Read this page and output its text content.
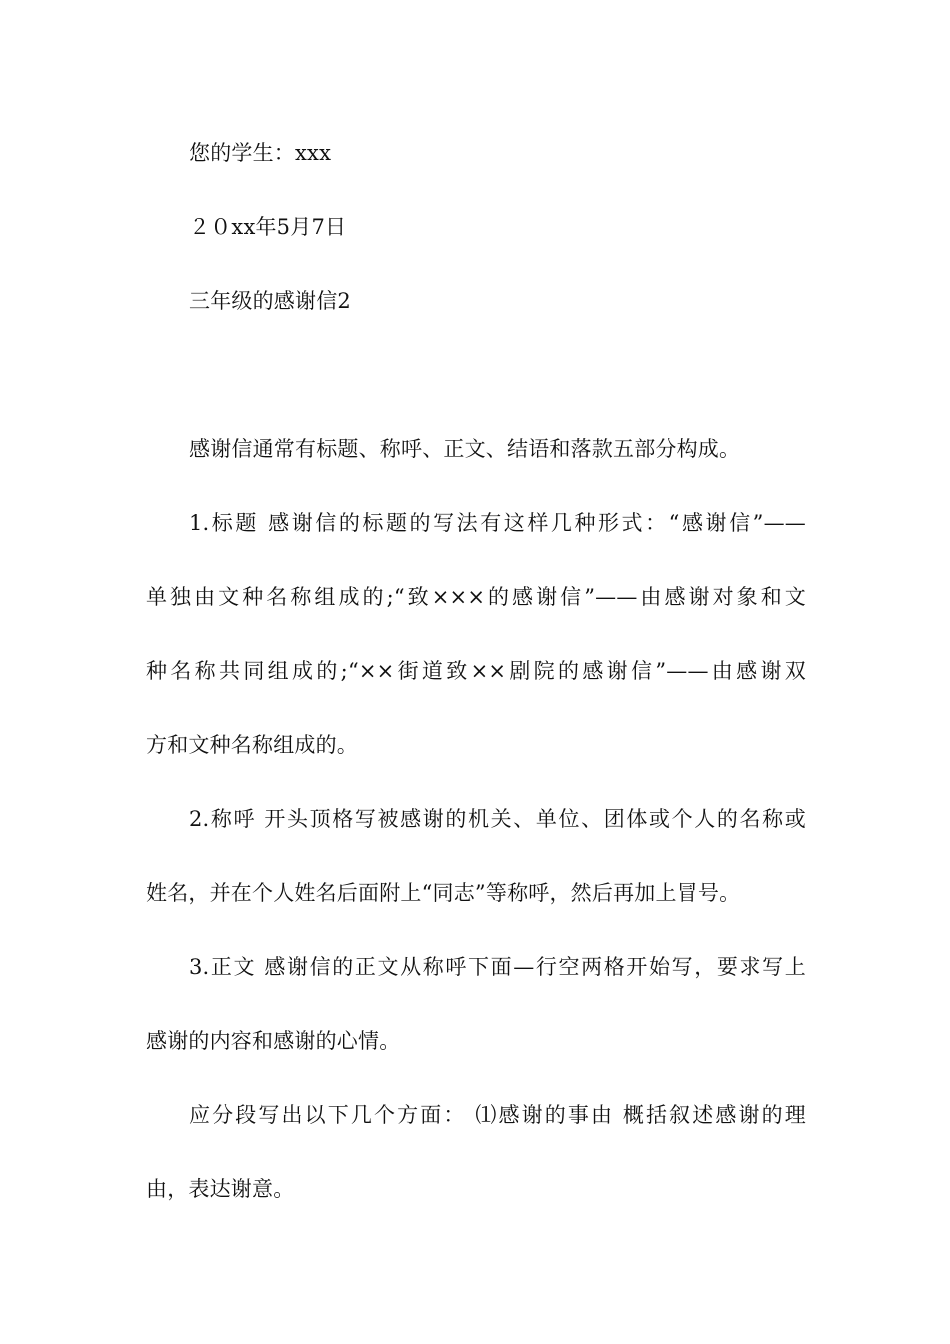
您的学生：xxx
２０xx年5月7日
三年级的感谢信2
感谢信通常有标题、称呼、正文、结语和落款五部分构成。
1.标题 感谢信的标题的写法有这样几种形式：“感谢信”——
单独由文种名称组成的;“致×××的感谢信”——由感谢对象和文
种名称共同组成的;“××街道致××剧院的感谢信”——由感谢双
方和文种名称组成的。
2.称呼 开头顶格写被感谢的机关、单位、团体或个人的名称或
姓名，并在个人姓名后面附上“同志”等称呼，然后再加上冒号。
3.正文 感谢信的正文从称呼下面—行空两格开始写，要求写上
感谢的内容和感谢的心情。
应分段写出以下几个方面： ⑴感谢的事由 概括叙述感谢的理
由，表达谢意。
